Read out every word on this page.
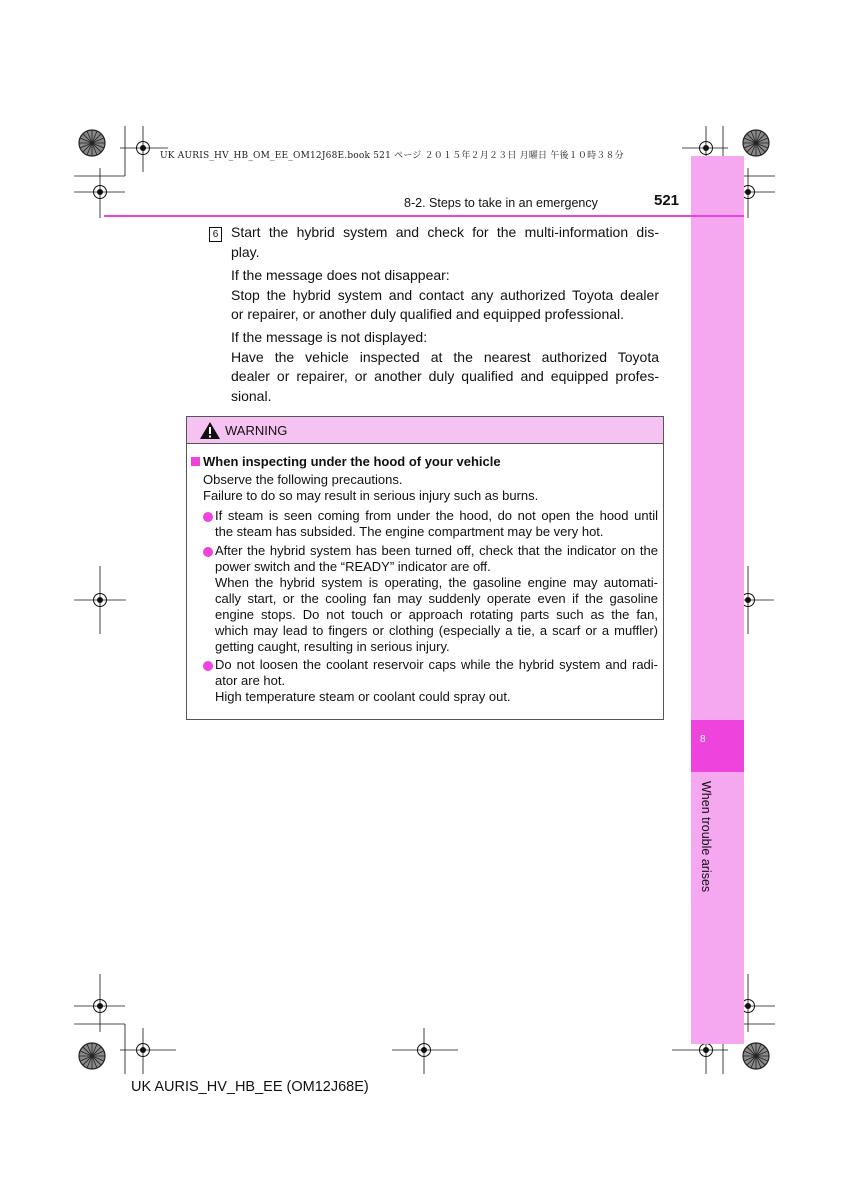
UK AURIS_HV_HB_OM_EE_OM12J68E.book 521 ページ ２０１５年２月２３日 月曜日 午後１０時３８分
8
When trouble arises
8-2. Steps to take in an emergency	521
6 Start the hybrid system and check for the multi-information dis-
play.
If the message does not disappear:
Stop the hybrid system and contact any authorized Toyota dealer
or repairer, or another duly qualified and equipped professional.
If the message is not displayed:
Have the vehicle inspected at the nearest authorized Toyota
dealer or repairer, or another duly qualified and equipped profes-
sional.
WARNING
When inspecting under the hood of your vehicle
Observe the following precautions.
Failure to do so may result in serious injury such as burns.
If steam is seen coming from under the hood, do not open the hood until
the steam has subsided. The engine compartment may be very hot.
After the hybrid system has been turned off, check that the indicator on the
power switch and the “READY” indicator are off.
When the hybrid system is operating, the gasoline engine may automati-
cally start, or the cooling fan may suddenly operate even if the gasoline
engine stops. Do not touch or approach rotating parts such as the fan,
which may lead to fingers or clothing (especially a tie, a scarf or a muffler)
getting caught, resulting in serious injury.
Do not loosen the coolant reservoir caps while the hybrid system and radi-
ator are hot.
High temperature steam or coolant could spray out.
UK AURIS_HV_HB_EE (OM12J68E)
